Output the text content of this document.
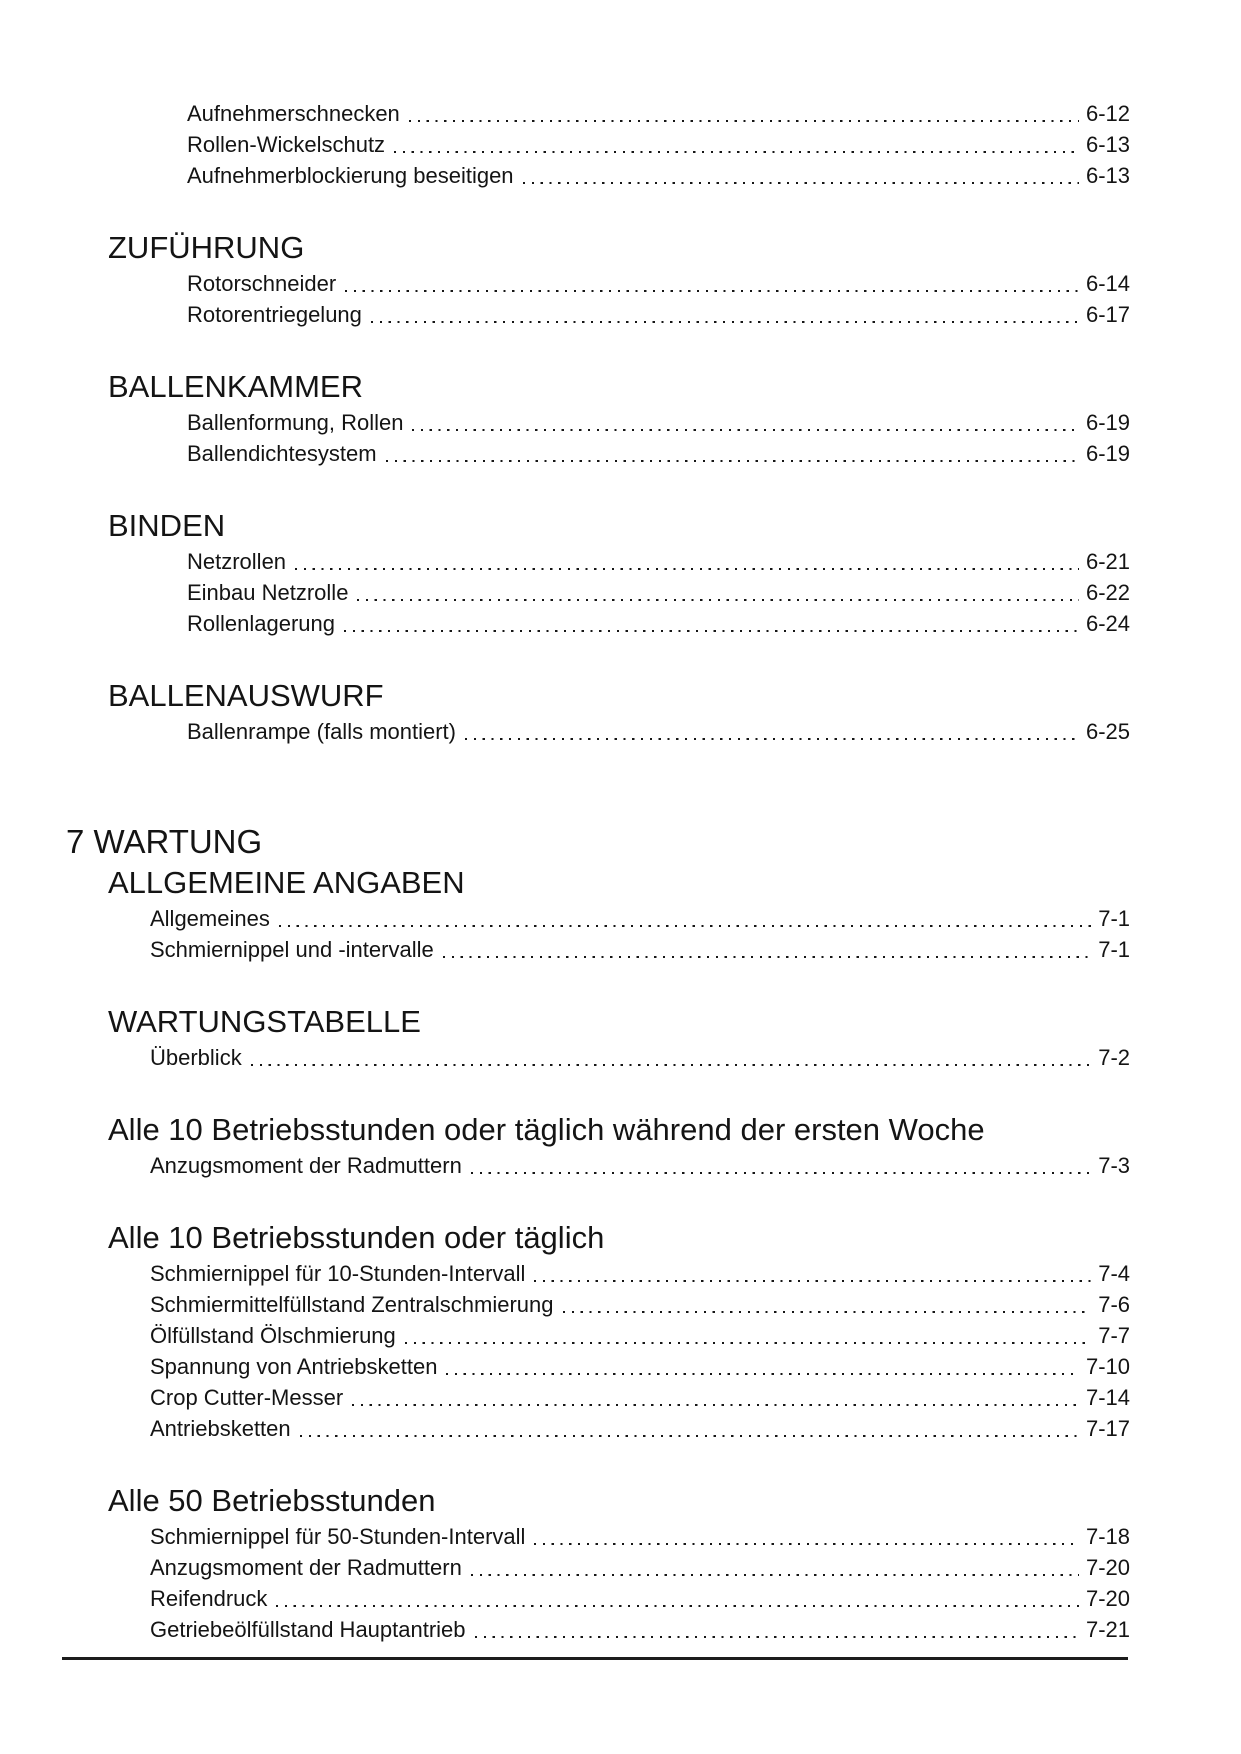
Aufnehmerschnecken	6-12
Rollen-Wickelschutz	6-13
Aufnehmerblockierung beseitigen	6-13
ZUFÜHRUNG
Rotorschneider	6-14
Rotorentriegelung	6-17
BALLENKAMMER
Ballenformung, Rollen	6-19
Ballendichtesystem	6-19
BINDEN
Netzrollen	6-21
Einbau Netzrolle	6-22
Rollenlagerung	6-24
BALLENAUSWURF
Ballenrampe (falls montiert)	6-25
7 WARTUNG
ALLGEMEINE ANGABEN
Allgemeines	7-1
Schmiernippel und -intervalle	7-1
WARTUNGSTABELLE
Überblick	7-2
Alle 10 Betriebsstunden oder täglich während der ersten Woche
Anzugsmoment der Radmuttern	7-3
Alle 10 Betriebsstunden oder täglich
Schmiernippel für 10-Stunden-Intervall	7-4
Schmiermittelfüllstand Zentralschmierung	7-6
Ölfüllstand Ölschmierung	7-7
Spannung von Antriebsketten	7-10
Crop Cutter-Messer	7-14
Antriebsketten	7-17
Alle 50 Betriebsstunden
Schmiernippel für 50-Stunden-Intervall	7-18
Anzugsmoment der Radmuttern	7-20
Reifendruck	7-20
Getriebeölfüllstand Hauptantrieb	7-21
